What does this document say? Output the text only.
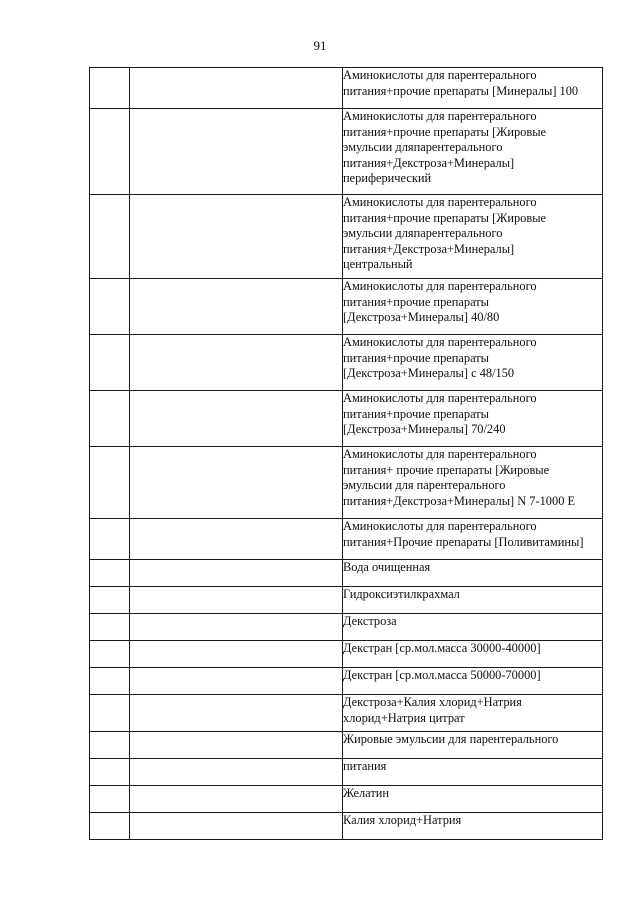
91
		Аминокислоты для парентерального
питания+прочие препараты [Минералы] 100
		Аминокислоты для парентерального
питания+прочие препараты [Жировые
эмульсии дляпарентерального
питания+Декстроза+Минералы]
периферический
		Аминокислоты для парентерального
питания+прочие препараты [Жировые
эмульсии дляпарентерального
питания+Декстроза+Минералы]
центральный
		Аминокислоты для парентерального
питания+прочие препараты
[Декстроза+Минералы] 40/80
		Аминокислоты для парентерального
питания+прочие препараты
[Декстроза+Минералы] с 48/150
		Аминокислоты для парентерального
питания+прочие препараты
[Декстроза+Минералы] 70/240
		Аминокислоты для парентерального
питания+ прочие препараты [Жировые
эмульсии для парентерального
питания+Декстроза+Минералы] N 7-1000 Е
		Аминокислоты для парентерального
питания+Прочие препараты [Поливитамины]
		Вода очищенная
		Гидроксиэтилкрахмал
		Декстроза
		Декстран [ср.мол.масса 30000-40000]
		Декстран [ср.мол.масса 50000-70000]
		Декстроза+Калия хлорид+Натрия
хлорид+Натрия цитрат
		Жировые эмульсии для парентерального
		питания
		Желатин
		Калия хлорид+Натрия
